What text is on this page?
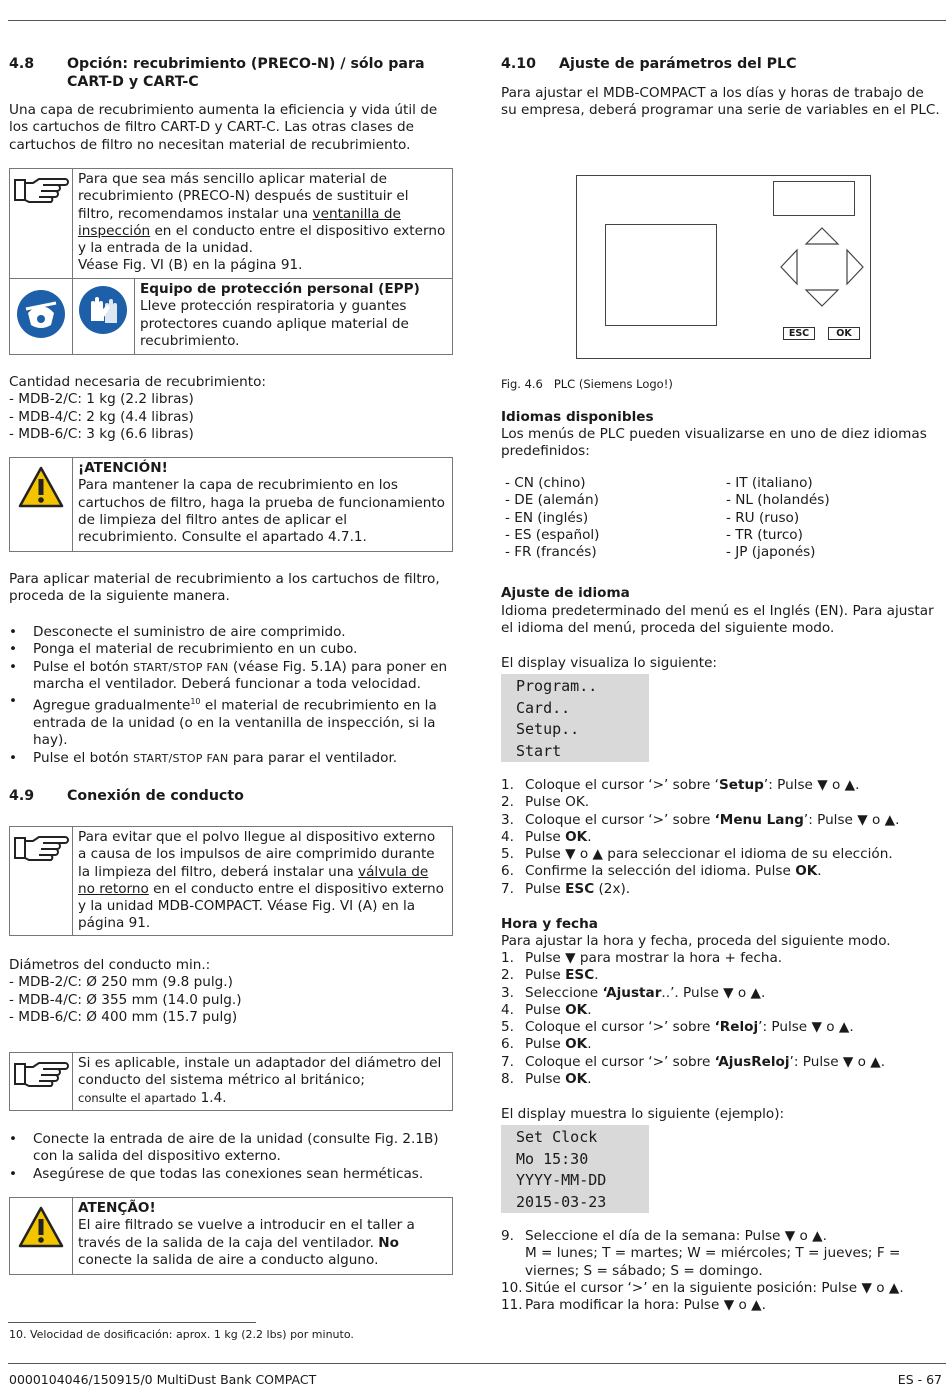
4.8	Opción: recubrimiento (PRECO-N) / sólo para CART-D y CART-C

Una capa de recubrimiento aumenta la eficiencia y vida útil de los cartuchos de filtro CART-D y CART-C. Las otras clases de cartuchos de filtro no necesitan material de recubrimiento.

Para que sea más sencillo aplicar material de recubrimiento (PRECO-N) después de sustituir el filtro, recomendamos instalar una ventanilla de inspección en el conducto entre el dispositivo externo y la entrada de la unidad.
Véase Fig. VI (B) en la página 91.
Equipo de protección personal (EPP)
Lleve protección respiratoria y guantes protectores cuando aplique material de recubrimiento.
Cantidad necesaria de recubrimiento:
- MDB-2/C: 1 kg (2.2 libras)
- MDB-4/C: 2 kg (4.4 libras)
- MDB-6/C: 3 kg (6.6 libras)
¡ATENCIÓN!
Para mantener la capa de recubrimiento en los cartuchos de filtro, haga la prueba de funcionamiento de limpieza del filtro antes de aplicar el recubrimiento. Consulte el apartado 4.7.1.

Para aplicar material de recubrimiento a los cartuchos de filtro, proceda de la siguiente manera.

• Desconecte el suministro de aire comprimido.
• Ponga el material de recubrimiento en un cubo.
• Pulse el botón START/STOP FAN (véase Fig. 5.1A) para poner en marcha el ventilador. Deberá funcionar a toda velocidad.
• Agregue gradualmente$^{10}$ el material de recubrimiento en la entrada de la unidad (o en la ventanilla de inspección, si la hay).
• Pulse el botón START/STOP FAN para parar el ventilador.
4.9	Conexión de conducto
Para evitar que el polvo llegue al dispositivo externo a causa de los impulsos de aire comprimido durante la limpieza del filtro, deberá instalar una válvula de no retorno en el conducto entre el dispositivo externo y la unidad MDB-COMPACT. Véase Fig. VI (A) en la página 91.
Diámetros del conducto min.:
- MDB-2/C: Ø 250 mm (9.8 pulg.)
- MDB-4/C: Ø 355 mm (14.0 pulg.)
- MDB-6/C: Ø 400 mm (15.7 pulg)
Si es aplicable, instale un adaptador del diámetro del conducto del sistema métrico al británico;
consulte el apartado 1.4.
• Conecte la entrada de aire de la unidad (consulte Fig. 2.1B) con la salida del dispositivo externo.
• Asegúrese de que todas las conexiones sean herméticas.
ATENÇÃO!
El aire filtrado se vuelve a introducir en el taller a través de la salida de la caja del ventilador. No conecte la salida de aire a conducto alguno.
10. Velocidad de dosificación: aprox. 1 kg (2.2 lbs) por minuto.
4.10	Ajuste de parámetros del PLC

Para ajustar el MDB-COMPACT a los días y horas de trabajo de su empresa, deberá programar una serie de variables en el PLC.

ESC	OK
Fig. 4.6   PLC (Siemens Logo!)
Idiomas disponibles

Los menús de PLC pueden visualizarse en uno de diez idiomas predefinidos:

- CN (chino)
- DE (alemán)
- EN (inglés)
- ES (español)
- FR (francés)
- IT (italiano)
- NL (holandés)
- RU (ruso)
- TR (turco)
- JP (japonés)
Ajuste de idioma

Idioma predeterminado del menú es el Inglés (EN). Para ajustar el idioma del menú, proceda del siguiente modo.

El display visualiza lo siguiente:

Program..
Card..
Setup..
Start
1. Coloque el cursor ‘>’ sobre ‘Setup’: Pulse ▼ o ▲.
2. Pulse OK.
3. Coloque el cursor ‘>’ sobre ‘Menu Lang’: Pulse ▼ o ▲.
4. Pulse OK.
5. Pulse ▼ o ▲ para seleccionar el idioma de su elección.
6. Confirme la selección del idioma. Pulse OK.
7. Pulse ESC (2x).
Hora y fecha

Para ajustar la hora y fecha, proceda del siguiente modo.

1. Pulse ▼ para mostrar la hora + fecha.
2. Pulse ESC.
3. Seleccione ‘Ajustar..’. Pulse ▼ o ▲.
4. Pulse OK.
5. Coloque el cursor ‘>’ sobre ‘Reloj’: Pulse ▼ o ▲.
6. Pulse OK.
7. Coloque el cursor ‘>’ sobre ‘AjusReloj’: Pulse ▼ o ▲.
8. Pulse OK.

El display muestra lo siguiente (ejemplo):

Set Clock
Mo 15:30
YYYY-MM-DD
2015-03-23
9. Seleccione el día de la semana: Pulse ▼ o ▲.
M = lunes; T = martes; W = miércoles; T = jueves; F = viernes; S = sábado; S = domingo.
10. Sitúe el cursor ‘>’ en la siguiente posición: Pulse ▼ o ▲.
11. Para modificar la hora: Pulse ▼ o ▲.
0000104046/150915/0 MultiDust Bank COMPACT	ES - 67
